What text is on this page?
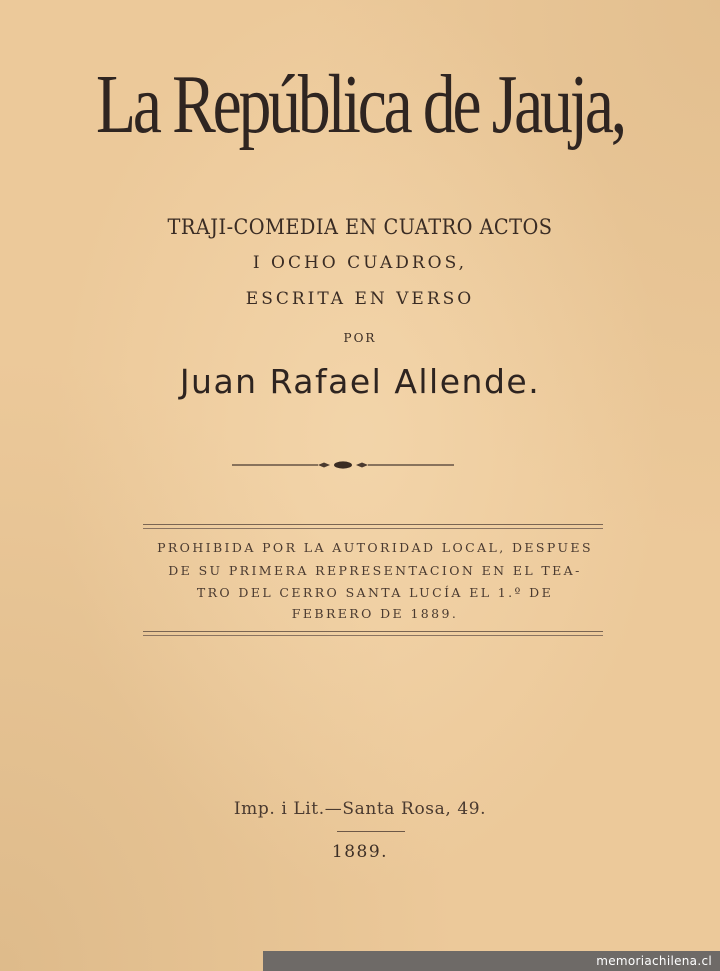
La República de Jauja,
TRAJI-COMEDIA EN CUATRO ACTOS
I OCHO CUADROS,
ESCRITA EN VERSO
POR
Juan Rafael Allende.
PROHIBIDA POR LA AUTORIDAD LOCAL, DESPUES
DE SU PRIMERA REPRESENTACION EN EL TEA-
TRO DEL CERRO SANTA LUCÍA EL 1.º DE
FEBRERO DE 1889.
Imp. i Lit.—Santa Rosa, 49.
1889.
memoriachilena.cl
